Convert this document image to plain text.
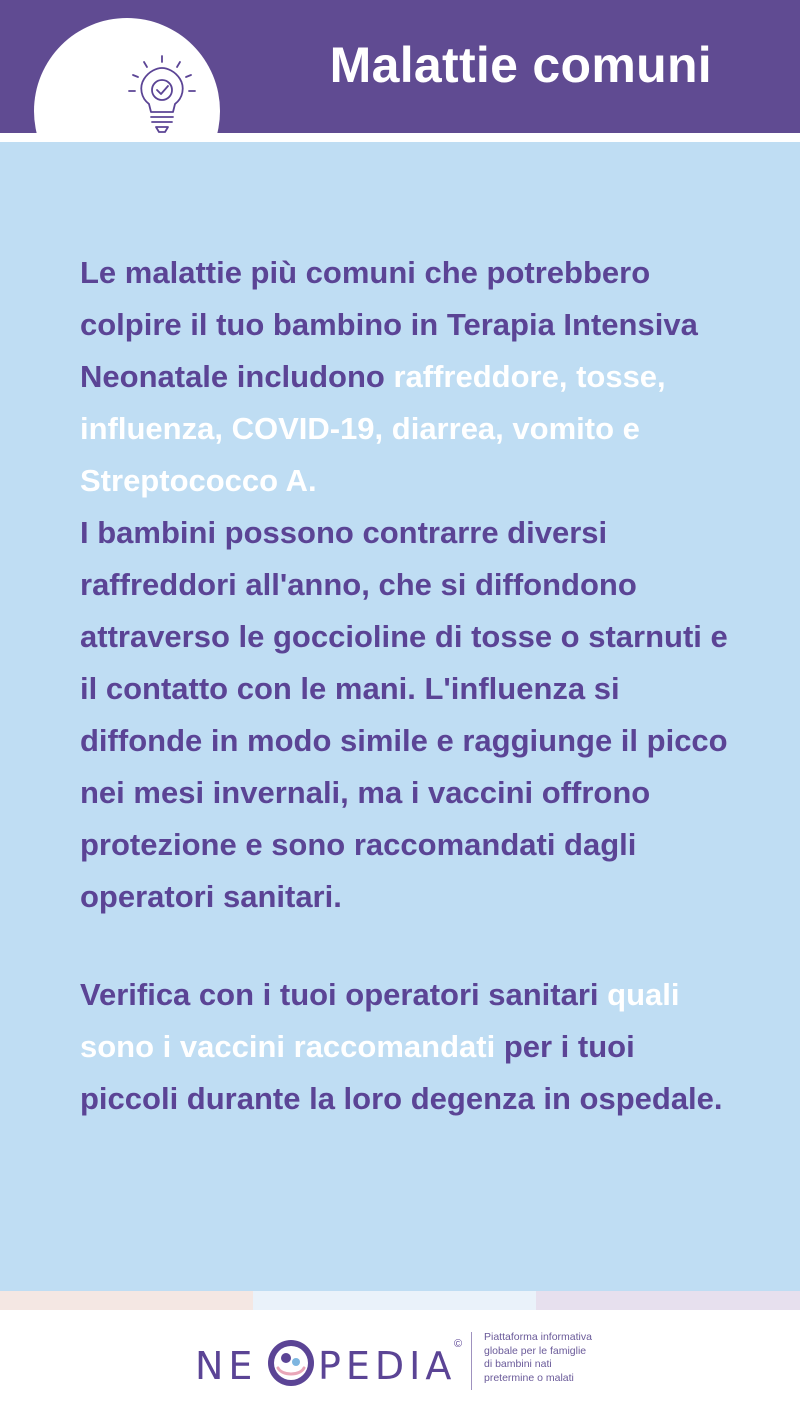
Malattie comuni

Le malattie più comuni che potrebbero colpire il tuo bambino in Terapia Intensiva Neonatale includono raffreddore, tosse, influenza, COVID-19, diarrea, vomito e Streptococco A.
I bambini possono contrarre diversi raffreddori all'anno, che si diffondono attraverso le goccioline di tosse o starnuti e il contatto con le mani. L'influenza si diffonde in modo simile e raggiunge il picco nei mesi invernali, ma i vaccini offrono protezione e sono raccomandati dagli operatori sanitari.

Verifica con i tuoi operatori sanitari quali sono i vaccini raccomandati per i tuoi piccoli durante la loro degenza in ospedale.

NE PEDIA
©

Piattaforma informativa
globale per le famiglie
di bambini nati
pretermine o malati
